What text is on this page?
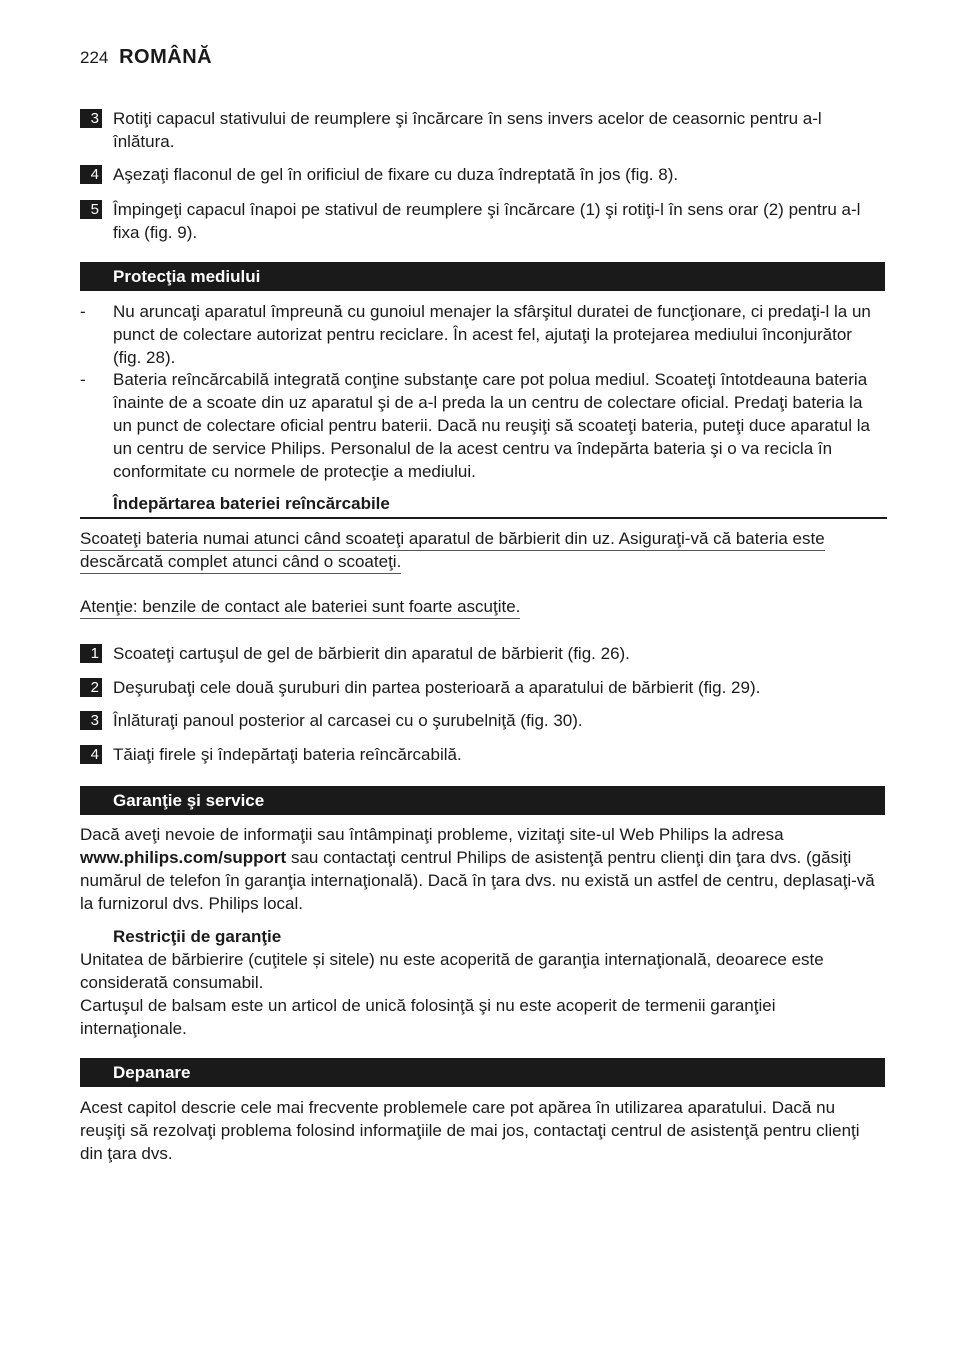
224 ROMÂNĂ
3 Rotiţi capacul stativului de reumplere şi încărcare în sens invers acelor de ceasornic pentru a-l înlătura.
4 Aşezaţi flaconul de gel în orificiul de fixare cu duza îndreptată în jos (fig. 8).
5 Împingeţi capacul înapoi pe stativul de reumplere şi încărcare (1) şi rotiţi-l în sens orar (2) pentru a-l fixa (fig. 9).
Protecţia mediului
- Nu aruncaţi aparatul împreună cu gunoiul menajer la sfârşitul duratei de funcţionare, ci predaţi-l la un punct de colectare autorizat pentru reciclare. În acest fel, ajutaţi la protejarea mediului înconjurător (fig. 28).
- Bateria reîncărcabilă integrată conţine substanţe care pot polua mediul. Scoateţi întotdeauna bateria înainte de a scoate din uz aparatul şi de a-l preda la un centru de colectare oficial. Predaţi bateria la un punct de colectare oficial pentru baterii. Dacă nu reuşiţi să scoateţi bateria, puteţi duce aparatul la un centru de service Philips. Personalul de la acest centru va îndepărta bateria şi o va recicla în conformitate cu normele de protecţie a mediului.
Îndepărtarea bateriei reîncărcabile
Scoateţi bateria numai atunci când scoateţi aparatul de bărbierit din uz. Asiguraţi-vă că bateria este descărcată complet atunci când o scoateţi.
Atenţie: benzile de contact ale bateriei sunt foarte ascuţite.
1 Scoateţi cartuşul de gel de bărbierit din aparatul de bărbierit (fig. 26).
2 Deşurubaţi cele două şuruburi din partea posterioară a aparatului de bărbierit (fig. 29).
3 Înlăturaţi panoul posterior al carcasei cu o şurubelniţă (fig. 30).
4 Tăiaţi firele şi îndepărtaţi bateria reîncărcabilă.
Garanţie şi service
Dacă aveţi nevoie de informaţii sau întâmpinaţi probleme, vizitaţi site-ul Web Philips la adresa www.philips.com/support sau contactaţi centrul Philips de asistenţă pentru clienţi din ţara dvs. (găsiţi numărul de telefon în garanţia internaţională). Dacă în ţara dvs. nu există un astfel de centru, deplasaţi-vă la furnizorul dvs. Philips local.
Restricţii de garanţie
Unitatea de bărbierire (cuţitele și sitele) nu este acoperită de garanţia internaţională, deoarece este considerată consumabil.
Cartuşul de balsam este un articol de unică folosinţă şi nu este acoperit de termenii garanţiei internaţionale.
Depanare
Acest capitol descrie cele mai frecvente problemele care pot apărea în utilizarea aparatului. Dacă nu reuşiţi să rezolvaţi problema folosind informaţiile de mai jos, contactaţi centrul de asistenţă pentru clienţi din ţara dvs.
